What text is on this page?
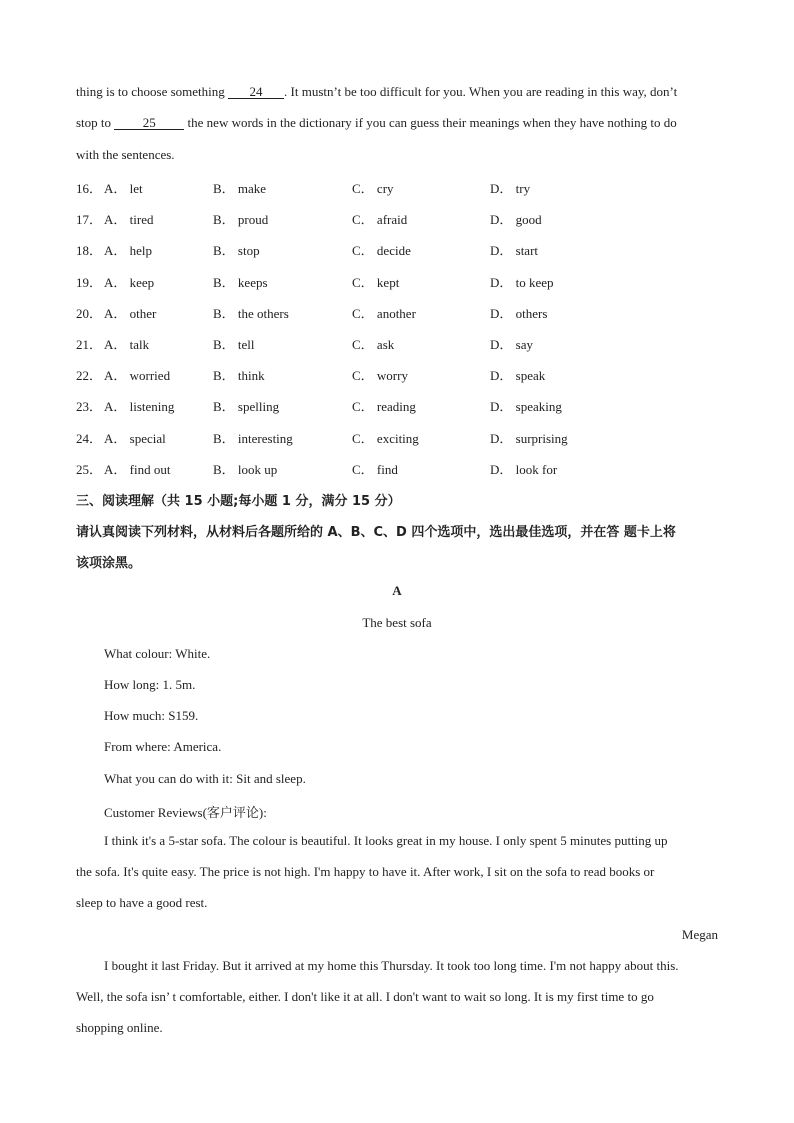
thing is to choose something 24 . It mustn’t be too difficult for you. When you are reading in this way, don’t
stop to 25 the new words in the dictionary if you can guess their meanings when they have nothing to do
with the sentences.
16． A． let	B． make	C． cry	D． try
17． A． tired	B． proud	C． afraid	D． good
18． A． help	B． stop	C． decide	D． start
19． A． keep	B． keeps	C． kept	D． to keep
20． A． other	B． the others	C． another	D． others
21． A． talk	B． tell	C． ask	D． say
22． A． worried	B． think	C． worry	D． speak
23． A． listening	B． spelling	C． reading	D． speaking
24． A． special	B． interesting	C． exciting	D． surprising
25． A． find out	B． look up	C． find	D． look for
三、阅读理解（共 15 小题;每小题 1 分，满分 15 分）
请认真阅读下列材料，从材料后各题所给的 A、B、C、D 四个选项中，选出最佳选项，并在答 题卡上将
该项涂黑。
A
The best sofa
What colour: White.
How long: 1. 5m.
How much: S159.
From where: America.
What you can do with it: Sit and sleep.
Customer Reviews(客户评论):
I think it's a 5-star sofa. The colour is beautiful. It looks great in my house. I only spent 5 minutes putting up
the sofa. It's quite easy. The price is not high. I'm happy to have it. After work, I sit on the sofa to read books or
sleep to have a good rest.
Megan
I bought it last Friday. But it arrived at my home this Thursday. It took too long time. I'm not happy about this.
Well, the sofa isn’ t comfortable, either. I don't like it at all. I don't want to wait so long. It is my first time to go
shopping online.
